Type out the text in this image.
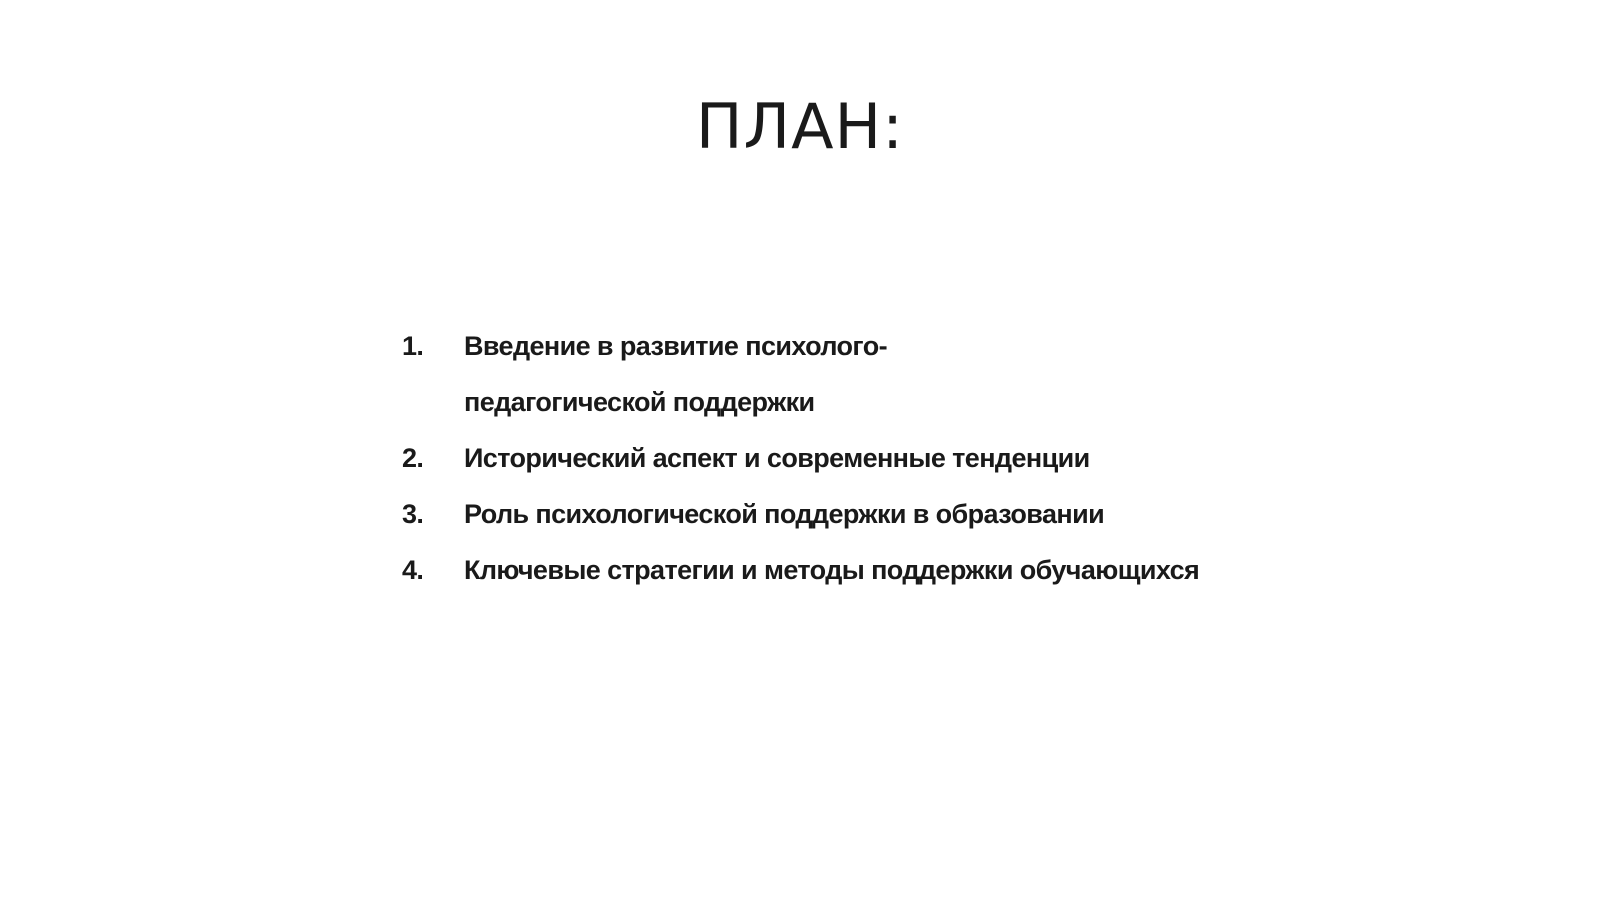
ПЛАН:
1.	Введение в развитие психолого-педагогической поддержки
2.	Исторический аспект и современные тенденции
3.	Роль психологической поддержки в образовании
4.	Ключевые стратегии и методы поддержки обучающихся
